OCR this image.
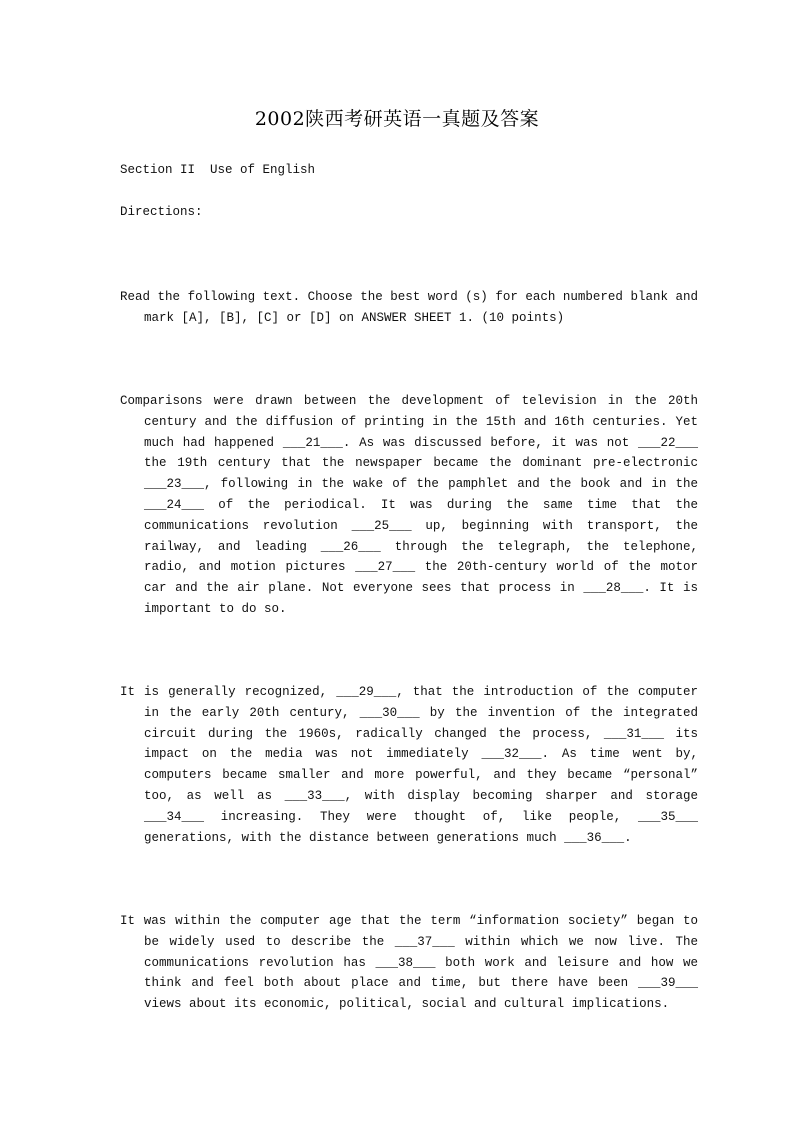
2002陕西考研英语一真题及答案
Section II  Use of English
Directions:

Read the following text. Choose the best word (s) for each numbered blank and mark [A], [B], [C] or [D] on ANSWER SHEET 1. (10 points)

Comparisons were drawn between the development of television in the 20th century and the diffusion of printing in the 15th and 16th centuries. Yet much had happened ___21___. As was discussed before, it was not ___22___ the 19th century that the newspaper became the dominant pre-electronic ___23___, following in the wake of the pamphlet and the book and in the ___24___ of the periodical. It was during the same time that the communications revolution ___25___ up, beginning with transport, the railway, and leading ___26___ through the telegraph, the telephone, radio, and motion pictures ___27___ the 20th-century world of the motor car and the air plane. Not everyone sees that process in ___28___. It is important to do so.

It is generally recognized, ___29___, that the introduction of the computer in the early 20th century, ___30___ by the invention of the integrated circuit during the 1960s, radically changed the process, ___31___ its impact on the media was not immediately ___32___. As time went by, computers became smaller and more powerful, and they became “personal” too, as well as ___33___, with display becoming sharper and storage ___34___ increasing. They were thought of, like people, ___35___ generations, with the distance between generations much ___36___.

It was within the computer age that the term “information society” began to be widely used to describe the ___37___ within which we now live. The communications revolution has ___38___ both work and leisure and how we think and feel both about place and time, but there have been ___39___ views about its economic, political, social and cultural implications.
